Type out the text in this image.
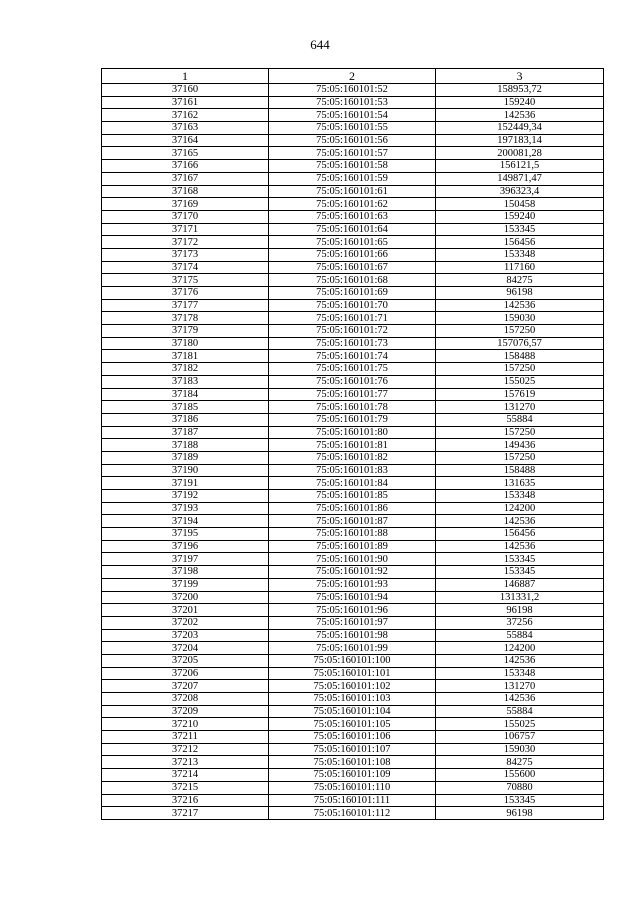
644
1	2	3
37160	75:05:160101:52	158953,72
37161	75:05:160101:53	159240
37162	75:05:160101:54	142536
37163	75:05:160101:55	152449,34
37164	75:05:160101:56	197183,14
37165	75:05:160101:57	200081,28
37166	75:05:160101:58	156121,5
37167	75:05:160101:59	149871,47
37168	75:05:160101:61	396323,4
37169	75:05:160101:62	150458
37170	75:05:160101:63	159240
37171	75:05:160101:64	153345
37172	75:05:160101:65	156456
37173	75:05:160101:66	153348
37174	75:05:160101:67	117160
37175	75:05:160101:68	84275
37176	75:05:160101:69	96198
37177	75:05:160101:70	142536
37178	75:05:160101:71	159030
37179	75:05:160101:72	157250
37180	75:05:160101:73	157076,57
37181	75:05:160101:74	158488
37182	75:05:160101:75	157250
37183	75:05:160101:76	155025
37184	75:05:160101:77	157619
37185	75:05:160101:78	131270
37186	75:05:160101:79	55884
37187	75:05:160101:80	157250
37188	75:05:160101:81	149436
37189	75:05:160101:82	157250
37190	75:05:160101:83	158488
37191	75:05:160101:84	131635
37192	75:05:160101:85	153348
37193	75:05:160101:86	124200
37194	75:05:160101:87	142536
37195	75:05:160101:88	156456
37196	75:05:160101:89	142536
37197	75:05:160101:90	153345
37198	75:05:160101:92	153345
37199	75:05:160101:93	146887
37200	75:05:160101:94	131331,2
37201	75:05:160101:96	96198
37202	75:05:160101:97	37256
37203	75:05:160101:98	55884
37204	75:05:160101:99	124200
37205	75:05:160101:100	142536
37206	75:05:160101:101	153348
37207	75:05:160101:102	131270
37208	75:05:160101:103	142536
37209	75:05:160101:104	55884
37210	75:05:160101:105	155025
37211	75:05:160101:106	106757
37212	75:05:160101:107	159030
37213	75:05:160101:108	84275
37214	75:05:160101:109	155600
37215	75:05:160101:110	70880
37216	75:05:160101:111	153345
37217	75:05:160101:112	96198
